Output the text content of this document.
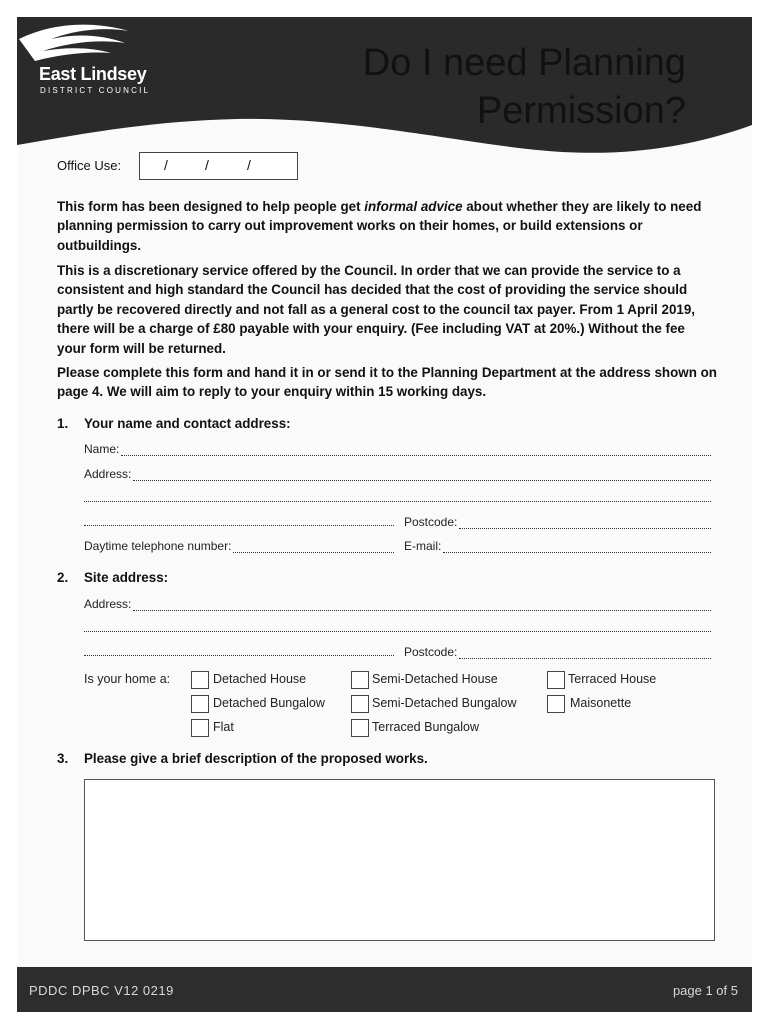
East Lindsey
DISTRICT COUNCIL
Do I need Planning
Permission?
Office Use:	/	/	/
This form has been designed to help people get informal advice about whether they are likely to need planning permission to carry out improvement works on their homes, or build extensions or outbuildings.
This is a discretionary service offered by the Council. In order that we can provide the service to a consistent and high standard the Council has decided that the cost of providing the service should partly be recovered directly and not fall as a general cost to the council tax payer. From 1 April 2019, there will be a charge of £80 payable with your enquiry. (Fee including VAT at 20%.) Without the fee your form will be returned.
Please complete this form and hand it in or send it to the Planning Department at the address shown on page 4. We will aim to reply to your enquiry within 15 working days.
1. Your name and contact address:
Name:
Address:
Postcode:
Daytime telephone number:	E-mail:
2. Site address:
Address:
Postcode:
Is your home a:	Detached House	Semi-Detached House	Terraced House
Detached Bungalow	Semi-Detached Bungalow	Maisonette
Flat	Terraced Bungalow
3. Please give a brief description of the proposed works.
PDDC DPBC V12 0219	page 1 of 5
